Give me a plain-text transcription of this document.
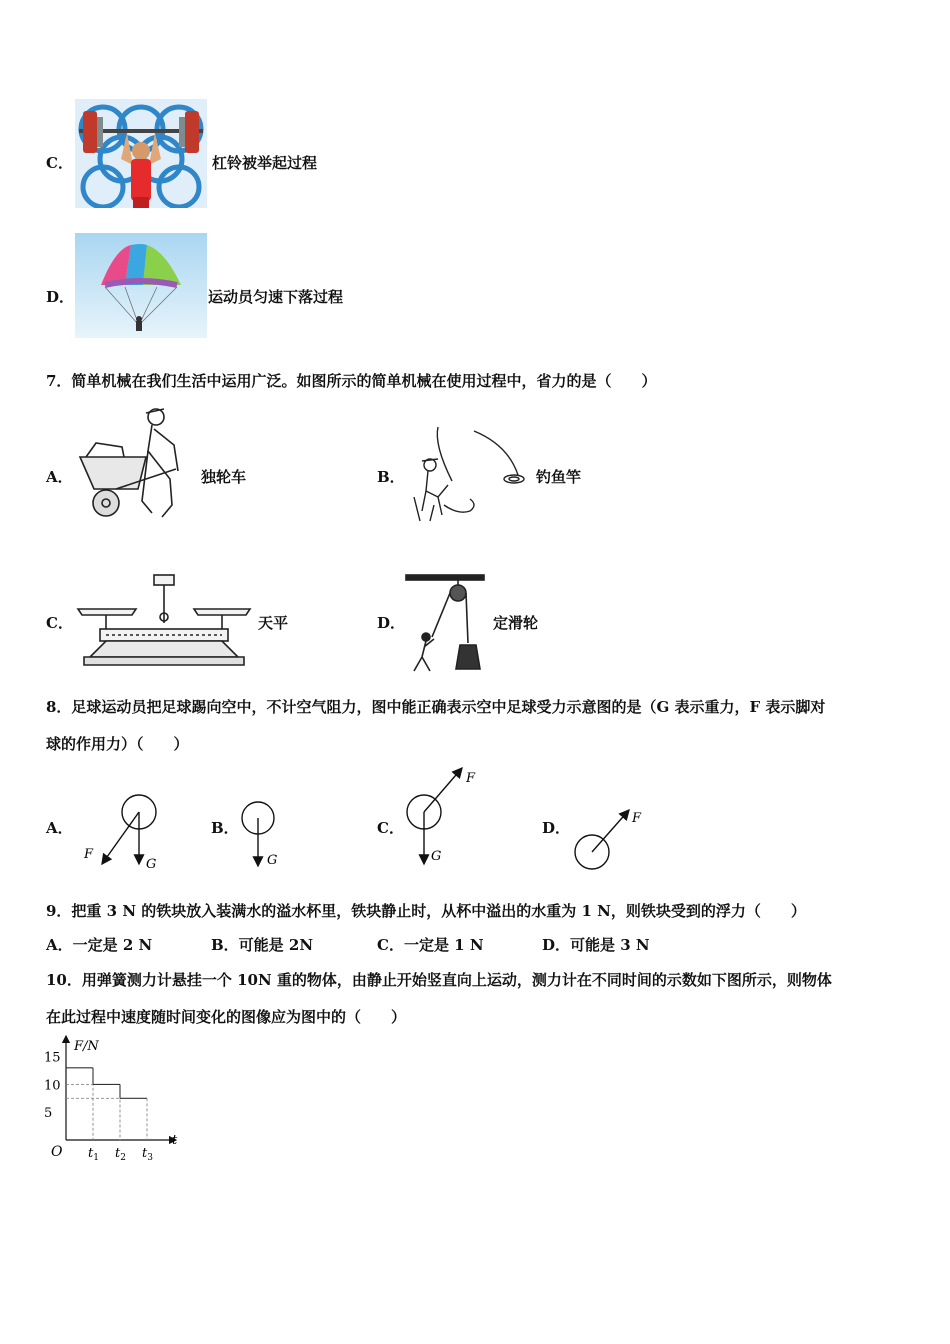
C．	杠铃被举起过程
D．	运动员匀速下落过程
7．简单机械在我们生活中运用广泛。如图所示的简单机械在使用过程中，省力的是（　　）
A．	独轮车	B．	钓鱼竿
C．	天平	D．	定滑轮
8．足球运动员把足球踢向空中，不计空气阻力，图中能正确表示空中足球受力示意图的是（G 表示重力，F 表示脚对
球的作用力）（　　）
A．	B．	C．	D．
F
G	G
F
G
F
9．把重 3 N 的铁块放入装满水的溢水杯里，铁块静止时，从杯中溢出的水重为 1 N，则铁块受到的浮力（　　）
A．一定是 2 N	B．可能是 2N	C．一定是 1 N	D．可能是 3 N
10．用弹簧测力计悬挂一个 10N 重的物体，由静止开始竖直向上运动，测力计在不同时间的示数如下图所示，则物体
在此过程中速度随时间变化的图像应为图中的（　　）
F/N
t
O
15
10
5
$t_1$ $t_2$ $t_3$
